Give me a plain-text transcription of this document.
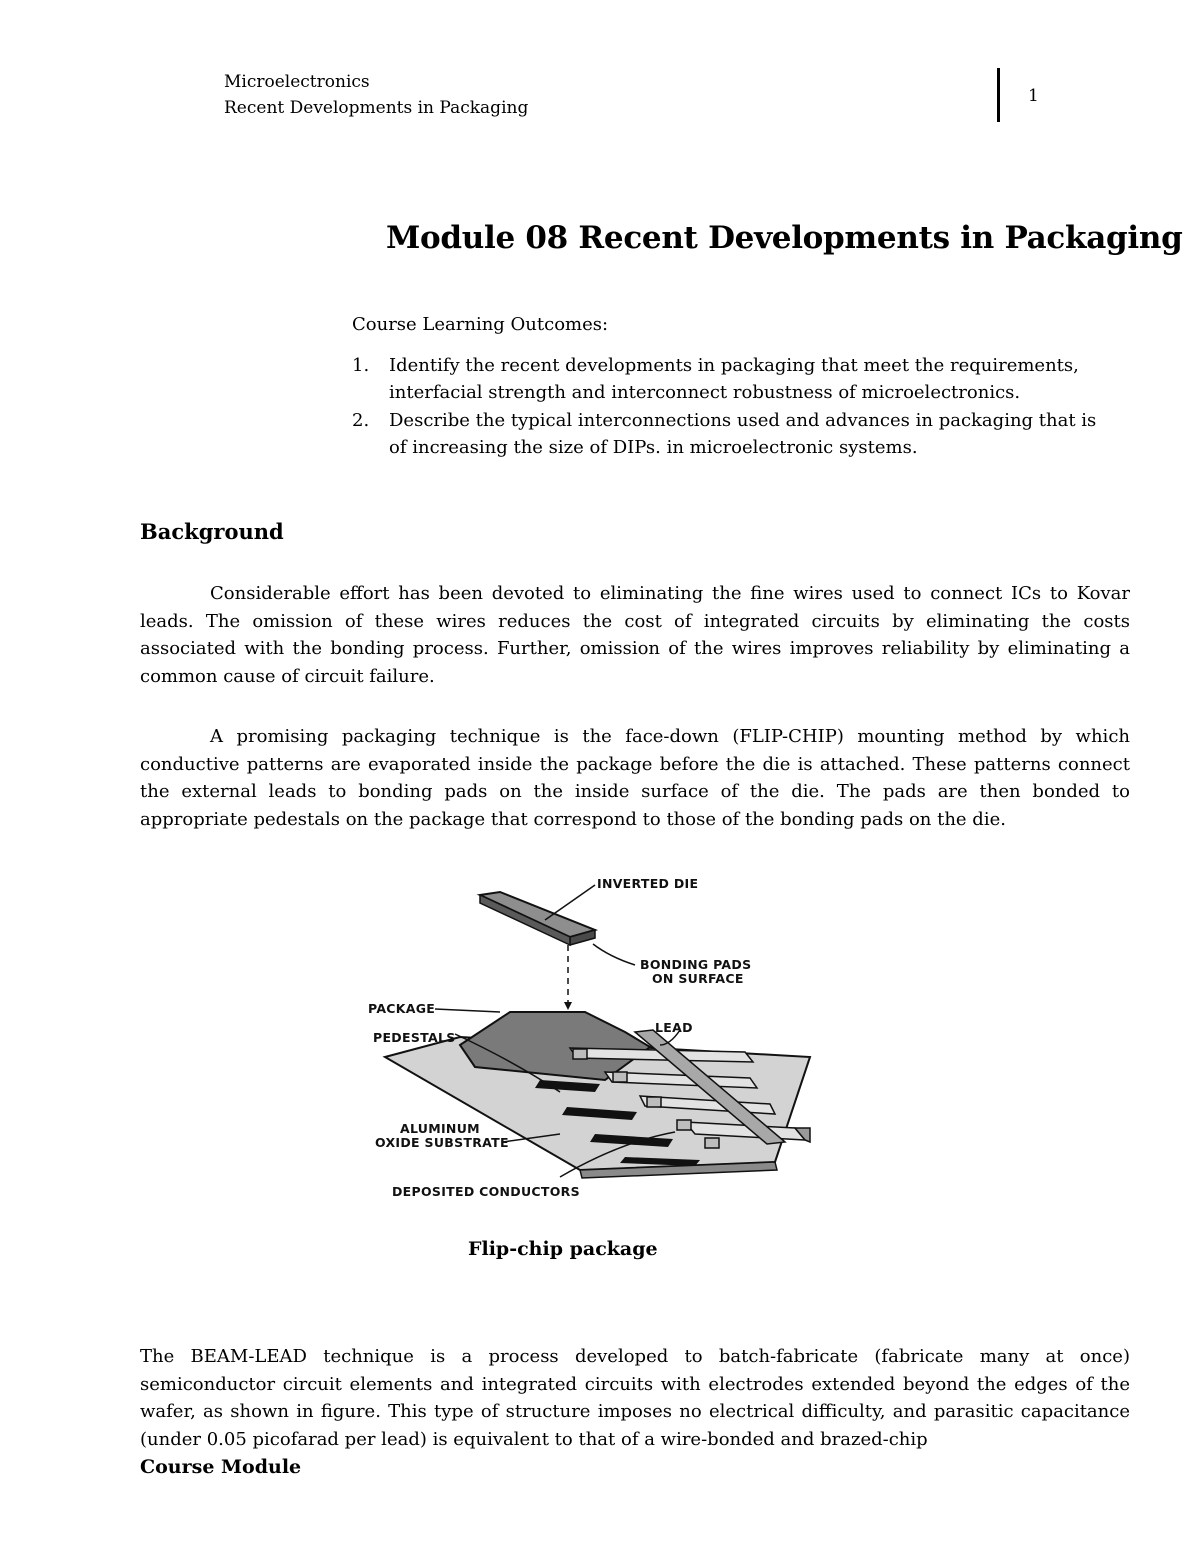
Microelectronics
Recent Developments in Packaging
1
Module 08 Recent Developments in Packaging
Course Learning Outcomes:
1. Identify the recent developments in packaging that meet the requirements, interfacial strength and interconnect robustness of microelectronics.
2. Describe the typical interconnections used and advances in packaging that is of increasing the size of DIPs. in microelectronic systems.
Background
Considerable effort has been devoted to eliminating the fine wires used to connect ICs to Kovar leads. The omission of these wires reduces the cost of integrated circuits by eliminating the costs associated with the bonding process. Further, omission of the wires improves reliability by eliminating a common cause of circuit failure.
A promising packaging technique is the face-down (FLIP-CHIP) mounting method by which conductive patterns are evaporated inside the package before the die is attached. These patterns connect the external leads to bonding pads on the inside surface of the die. The pads are then bonded to appropriate pedestals on the package that correspond to those of the bonding pads on the die.
INVERTED DIE
BONDING PADS
ON SURFACE
PACKAGE
LEAD
PEDESTALS
ALUMINUM
OXIDE SUBSTRATE
DEPOSITED CONDUCTORS
Flip-chip package
The BEAM-LEAD technique is a process developed to batch-fabricate (fabricate many at once) semiconductor circuit elements and integrated circuits with electrodes extended beyond the edges of the wafer, as shown in figure. This type of structure imposes no electrical difficulty, and parasitic capacitance (under 0.05 picofarad per lead) is equivalent to that of a wire-bonded and brazed-chip
Course Module
